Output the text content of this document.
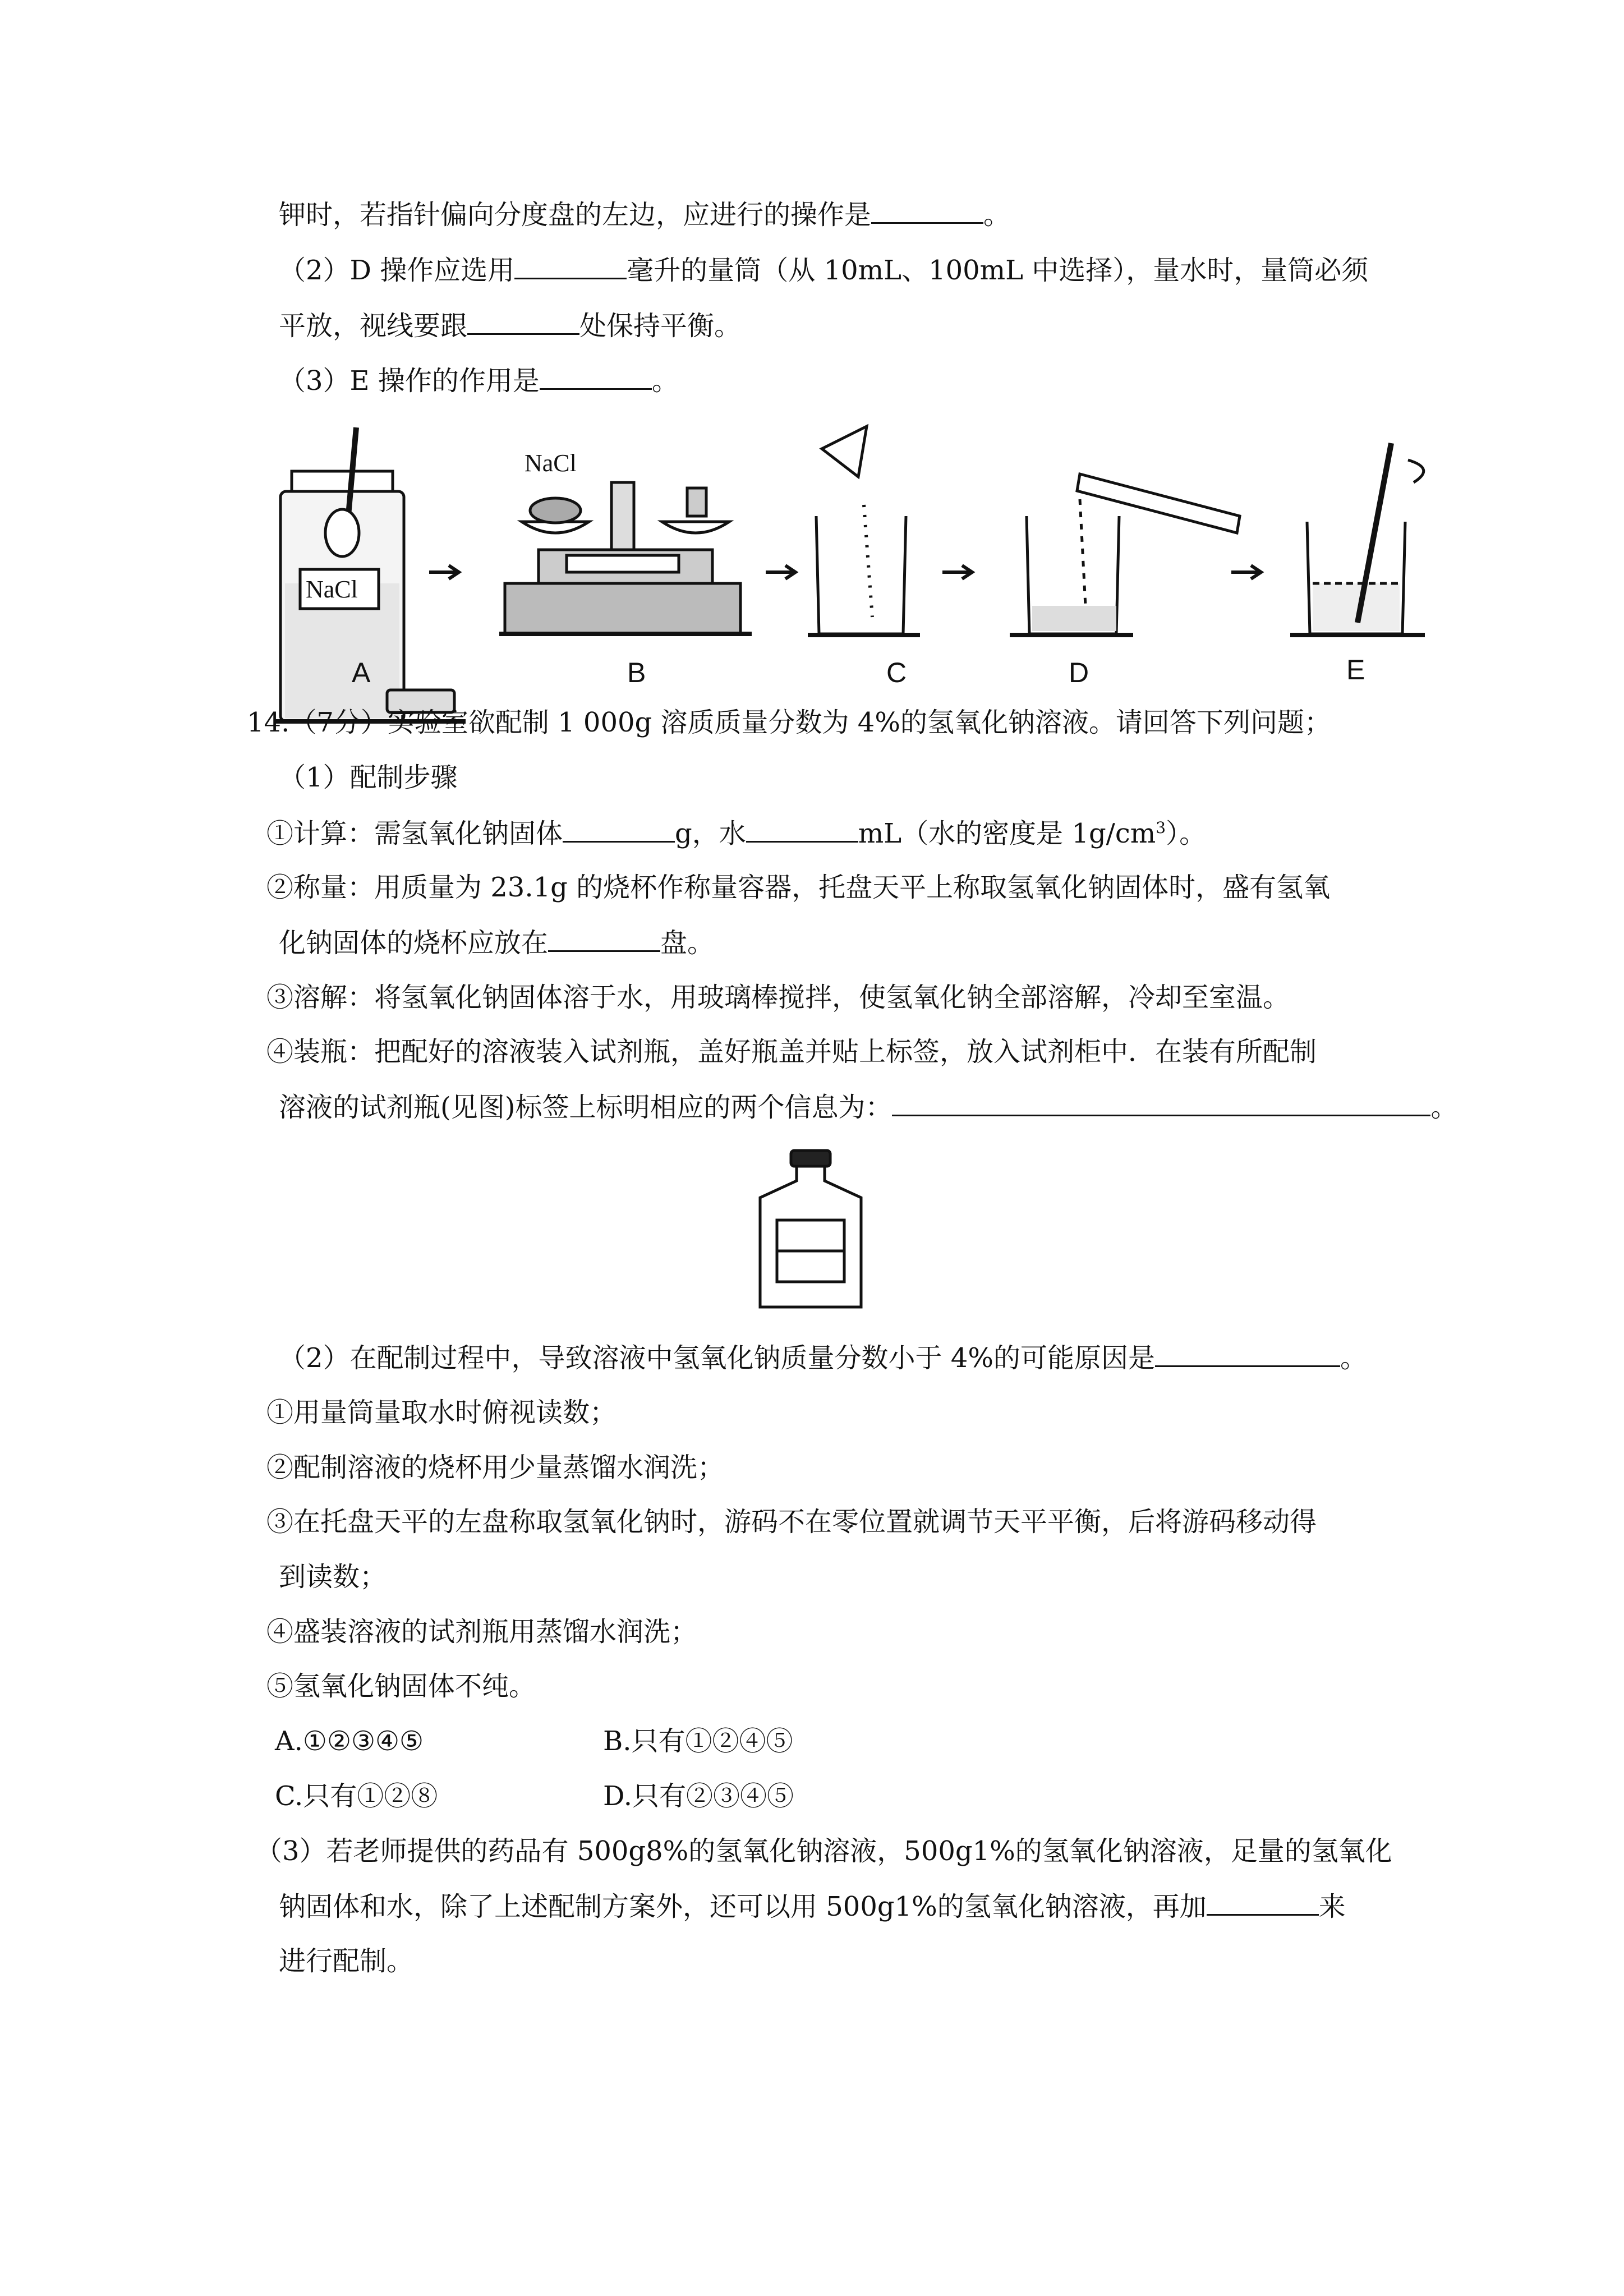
钾时，若指针偏向分度盘的左边，应进行的操作是	。
（2）D 操作应选用	毫升的量筒（从 10mL、100mL 中选择），量水时，量筒必须
平放，视线要跟	处保持平衡。
（3）E 操作的作用是	。
NaCl
NaCl
A	B	C	D	E
14.（7分）实验室欲配制 1 000g 溶质质量分数为 4%的氢氧化钠溶液。请回答下列问题；
（1）配制步骤
①计算：需氢氧化钠固体	g，水	mL（水的密度是 $1g/cm^3$）。
②称量：用质量为 23.1g 的烧杯作称量容器，托盘天平上称取氢氧化钠固体时，盛有氢氧
化钠固体的烧杯应放在	盘。
③溶解：将氢氧化钠固体溶于水，用玻璃棒搅拌，使氢氧化钠全部溶解，冷却至室温。
④装瓶：把配好的溶液装入试剂瓶，盖好瓶盖并贴上标签，放入试剂柜中．在装有所配制
溶液的试剂瓶(见图)标签上标明相应的两个信息为：	。
（2）在配制过程中，导致溶液中氢氧化钠质量分数小于 4%的可能原因是	。
①用量筒量取水时俯视读数；
②配制溶液的烧杯用少量蒸馏水润洗；
③在托盘天平的左盘称取氢氧化钠时，游码不在零位置就调节天平平衡，后将游码移动得
到读数；
④盛装溶液的试剂瓶用蒸馏水润洗；
⑤氢氧化钠固体不纯。
A.①②③④⑤	B.只有①②④⑤
C.只有①②⑧	D.只有②③④⑤
（3）若老师提供的药品有 500g8%的氢氧化钠溶液，500g1%的氢氧化钠溶液，足量的氢氧化
钠固体和水，除了上述配制方案外，还可以用 500g1%的氢氧化钠溶液，再加	来
进行配制。
